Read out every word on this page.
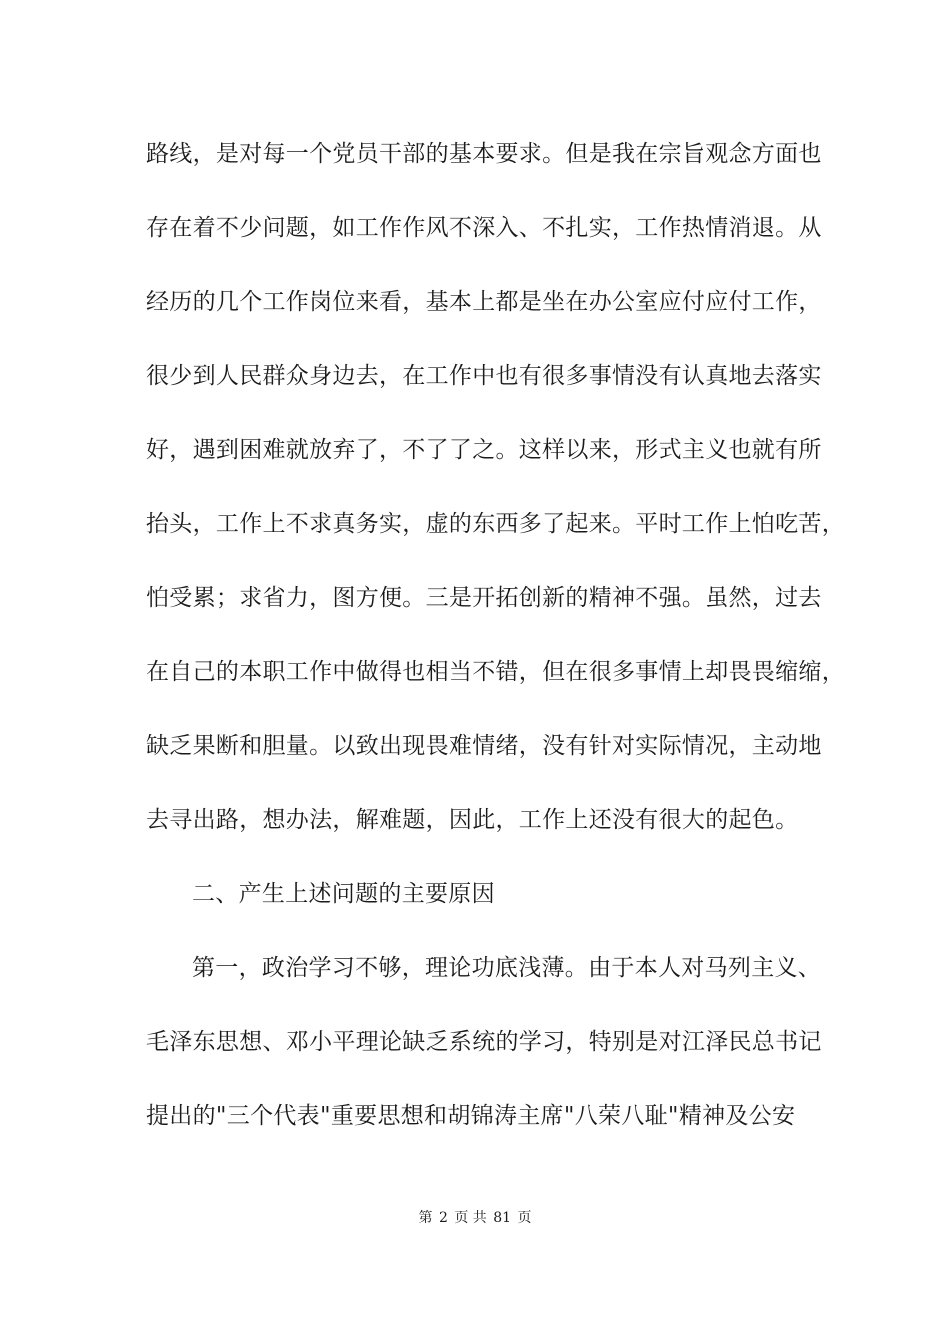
路线，是对每一个党员干部的基本要求。但是我在宗旨观念方面也
存在着不少问题，如工作作风不深入、不扎实，工作热情消退。从
经历的几个工作岗位来看，基本上都是坐在办公室应付应付工作，
很少到人民群众身边去，在工作中也有很多事情没有认真地去落实
好，遇到困难就放弃了，不了了之。这样以来，形式主义也就有所
抬头，工作上不求真务实，虚的东西多了起来。平时工作上怕吃苦，
怕受累；求省力，图方便。三是开拓创新的精神不强。虽然，过去
在自己的本职工作中做得也相当不错，但在很多事情上却畏畏缩缩，
缺乏果断和胆量。以致出现畏难情绪，没有针对实际情况，主动地
去寻出路，想办法，解难题，因此，工作上还没有很大的起色。
二、产生上述问题的主要原因
第一，政治学习不够，理论功底浅薄。由于本人对马列主义、
毛泽东思想、邓小平理论缺乏系统的学习，特别是对江泽民总书记
提出的"三个代表"重要思想和胡锦涛主席"八荣八耻"精神及公安
第 2 页 共 81 页
